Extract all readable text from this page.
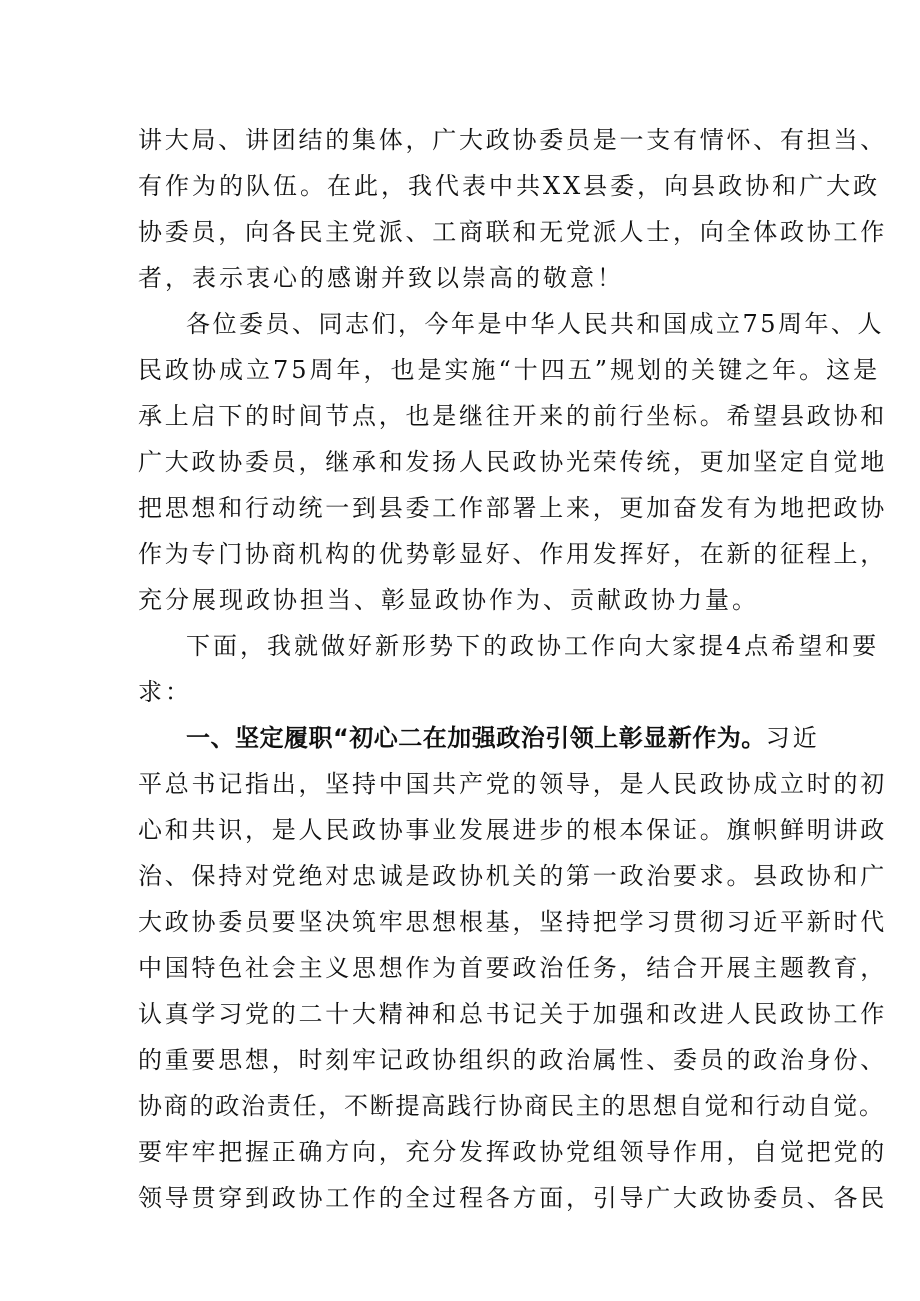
讲大局、讲团结的集体，广大政协委员是一支有情怀、有担当、
有作为的队伍。在此，我代表中共XX县委，向县政协和广大政
协委员，向各民主党派、工商联和无党派人士，向全体政协工作
者，表示衷心的感谢并致以崇高的敬意！
各位委员、同志们，今年是中华人民共和国成立75周年、人
民政协成立75周年，也是实施“十四五”规划的关键之年。这是
承上启下的时间节点，也是继往开来的前行坐标。希望县政协和
广大政协委员，继承和发扬人民政协光荣传统，更加坚定自觉地
把思想和行动统一到县委工作部署上来，更加奋发有为地把政协
作为专门协商机构的优势彰显好、作用发挥好，在新的征程上，
充分展现政协担当、彰显政协作为、贡献政协力量。
下面，我就做好新形势下的政协工作向大家提4点希望和要
求：
一、坚定履职“初心二在加强政治引领上彰显新作为。习近
平总书记指出，坚持中国共产党的领导，是人民政协成立时的初
心和共识，是人民政协事业发展进步的根本保证。旗帜鲜明讲政
治、保持对党绝对忠诚是政协机关的第一政治要求。县政协和广
大政协委员要坚决筑牢思想根基，坚持把学习贯彻习近平新时代
中国特色社会主义思想作为首要政治任务，结合开展主题教育，
认真学习党的二十大精神和总书记关于加强和改进人民政协工作
的重要思想，时刻牢记政协组织的政治属性、委员的政治身份、
协商的政治责任，不断提高践行协商民主的思想自觉和行动自觉。
要牢牢把握正确方向，充分发挥政协党组领导作用，自觉把党的
领导贯穿到政协工作的全过程各方面，引导广大政协委员、各民
